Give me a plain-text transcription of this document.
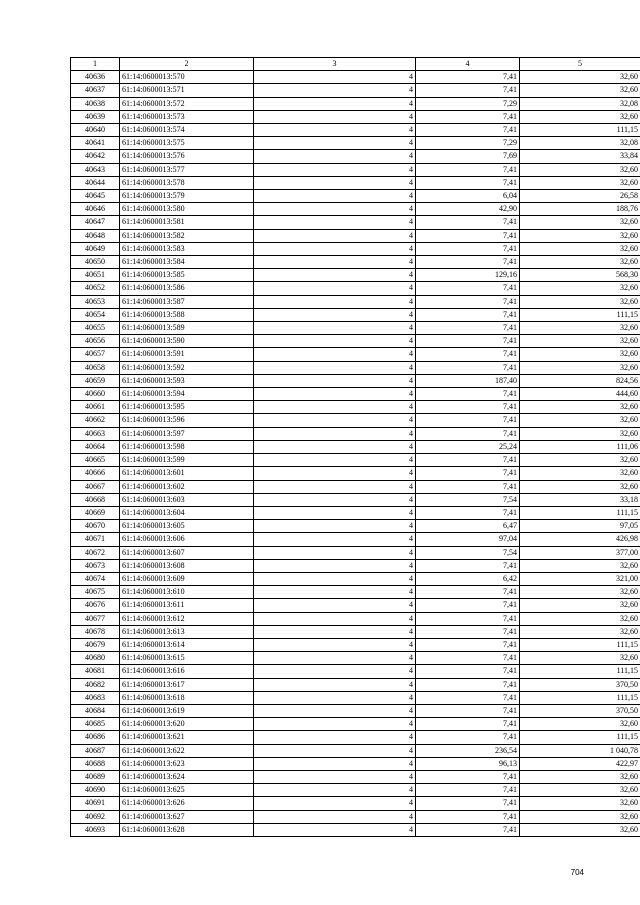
1	2	3	4	5
40636	61:14:0600013:570	4	7,41	32,60
40637	61:14:0600013:571	4	7,41	32,60
40638	61:14:0600013:572	4	7,29	32,08
40639	61:14:0600013:573	4	7,41	32,60
40640	61:14:0600013:574	4	7,41	111,15
40641	61:14:0600013:575	4	7,29	32,08
40642	61:14:0600013:576	4	7,69	33,84
40643	61:14:0600013:577	4	7,41	32,60
40644	61:14:0600013:578	4	7,41	32,60
40645	61:14:0600013:579	4	6,04	26,58
40646	61:14:0600013:580	4	42,90	188,76
40647	61:14:0600013:581	4	7,41	32,60
40648	61:14:0600013:582	4	7,41	32,60
40649	61:14:0600013:583	4	7,41	32,60
40650	61:14:0600013:584	4	7,41	32,60
40651	61:14:0600013:585	4	129,16	568,30
40652	61:14:0600013:586	4	7,41	32,60
40653	61:14:0600013:587	4	7,41	32,60
40654	61:14:0600013:588	4	7,41	111,15
40655	61:14:0600013:589	4	7,41	32,60
40656	61:14:0600013:590	4	7,41	32,60
40657	61:14:0600013:591	4	7,41	32,60
40658	61:14:0600013:592	4	7,41	32,60
40659	61:14:0600013:593	4	187,40	824,56
40660	61:14:0600013:594	4	7,41	444,60
40661	61:14:0600013:595	4	7,41	32,60
40662	61:14:0600013:596	4	7,41	32,60
40663	61:14:0600013:597	4	7,41	32,60
40664	61:14:0600013:598	4	25,24	111,06
40665	61:14:0600013:599	4	7,41	32,60
40666	61:14:0600013:601	4	7,41	32,60
40667	61:14:0600013:602	4	7,41	32,60
40668	61:14:0600013:603	4	7,54	33,18
40669	61:14:0600013:604	4	7,41	111,15
40670	61:14:0600013:605	4	6,47	97,05
40671	61:14:0600013:606	4	97,04	426,98
40672	61:14:0600013:607	4	7,54	377,00
40673	61:14:0600013:608	4	7,41	32,60
40674	61:14:0600013:609	4	6,42	321,00
40675	61:14:0600013:610	4	7,41	32,60
40676	61:14:0600013:611	4	7,41	32,60
40677	61:14:0600013:612	4	7,41	32,60
40678	61:14:0600013:613	4	7,41	32,60
40679	61:14:0600013:614	4	7,41	111,15
40680	61:14:0600013:615	4	7,41	32,60
40681	61:14:0600013:616	4	7,41	111,15
40682	61:14:0600013:617	4	7,41	370,50
40683	61:14:0600013:618	4	7,41	111,15
40684	61:14:0600013:619	4	7,41	370,50
40685	61:14:0600013:620	4	7,41	32,60
40686	61:14:0600013:621	4	7,41	111,15
40687	61:14:0600013:622	4	236,54	1 040,78
40688	61:14:0600013:623	4	96,13	422,97
40689	61:14:0600013:624	4	7,41	32,60
40690	61:14:0600013:625	4	7,41	32,60
40691	61:14:0600013:626	4	7,41	32,60
40692	61:14:0600013:627	4	7,41	32,60
40693	61:14:0600013:628	4	7,41	32,60
704
